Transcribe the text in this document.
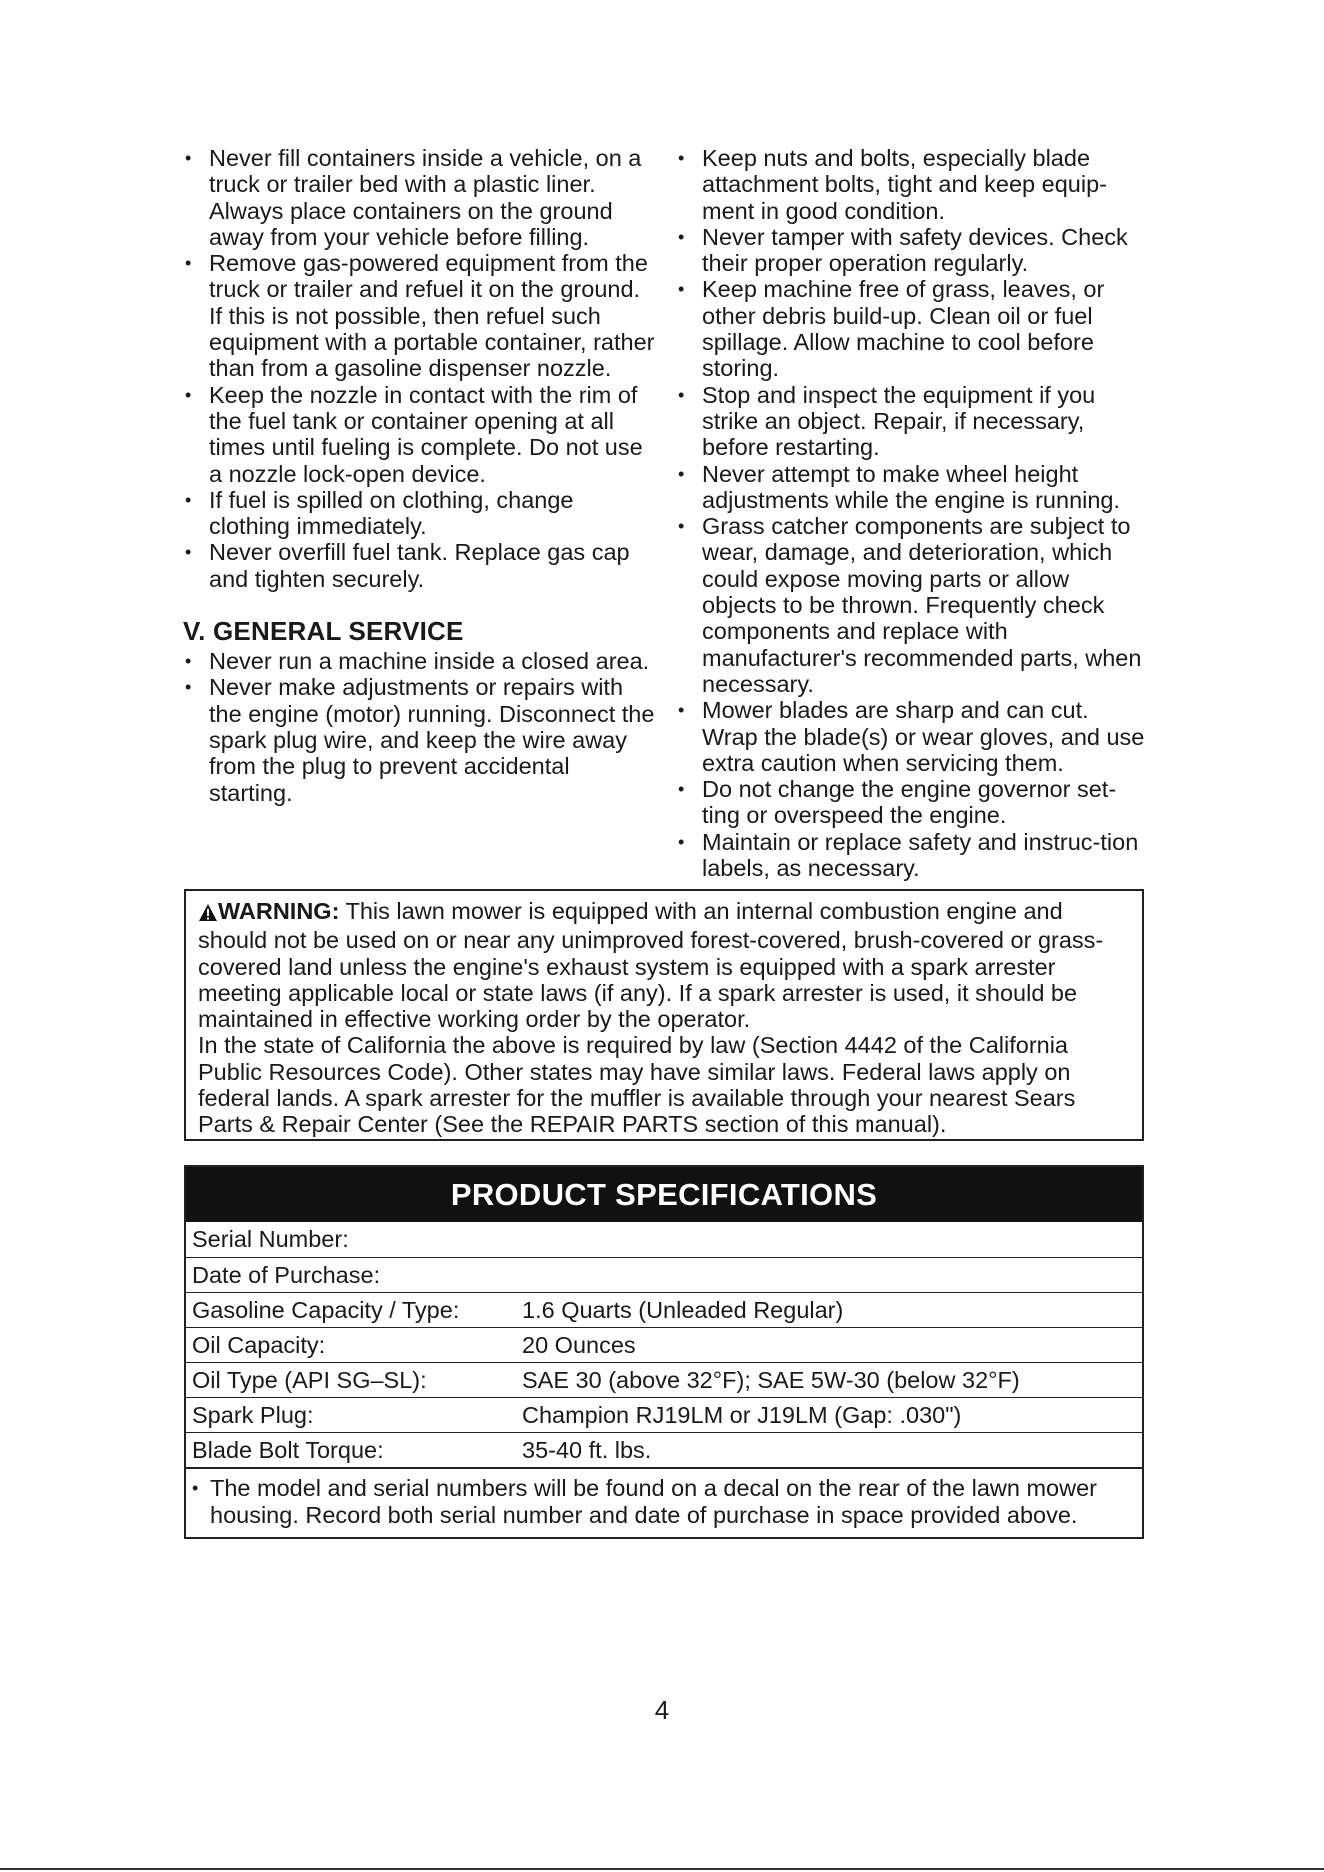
• Never fill containers inside a vehicle, on a truck or trailer bed with a plastic liner. Always place containers on the ground away from your vehicle before filling.
• Remove gas-powered equipment from the truck or trailer and refuel it on the ground. If this is not possible, then refuel such equipment with a portable container, rather than from a gasoline dispenser nozzle.
• Keep the nozzle in contact with the rim of the fuel tank or container opening at all times until fueling is complete. Do not use a nozzle lock-open device.
• If fuel is spilled on clothing, change clothing immediately.
• Never overfill fuel tank. Replace gas cap and tighten securely.
V. GENERAL SERVICE
• Never run a machine inside a closed area.
• Never make adjustments or repairs with the engine (motor) running. Disconnect the spark plug wire, and keep the wire away from the plug to prevent accidental starting.
• Keep nuts and bolts, especially blade attachment bolts, tight and keep equip-ment in good condition.
• Never tamper with safety devices. Check their proper operation regularly.
• Keep machine free of grass, leaves, or other debris build-up. Clean oil or fuel spillage. Allow machine to cool before storing.
• Stop and inspect the equipment if you strike an object. Repair, if necessary, before restarting.
• Never attempt to make wheel height adjustments while the engine is running.
• Grass catcher components are subject to wear, damage, and deterioration, which could expose moving parts or allow objects to be thrown. Frequently check components and replace with manufacturer's recommended parts, when necessary.
• Mower blades are sharp and can cut. Wrap the blade(s) or wear gloves, and use extra caution when servicing them.
• Do not change the engine governor set-ting or overspeed the engine.
• Maintain or replace safety and instruc-tion labels, as necessary.
WARNING: This lawn mower is equipped with an internal combustion engine and should not be used on or near any unimproved forest-covered, brush-covered or grass-covered land unless the engine's exhaust system is equipped with a spark arrester meeting applicable local or state laws (if any). If a spark arrester is used, it should be maintained in effective working order by the operator.
In the state of California the above is required by law (Section 4442 of the California Public Resources Code). Other states may have similar laws. Federal laws apply on federal lands. A spark arrester for the muffler is available through your nearest Sears Parts & Repair Center (See the REPAIR PARTS section of this manual).
PRODUCT SPECIFICATIONS
Serial Number:
Date of Purchase:
Gasoline Capacity / Type:	1.6 Quarts (Unleaded Regular)
Oil Capacity:	20 Ounces
Oil Type (API SG–SL):	SAE 30 (above 32°F); SAE 5W-30 (below 32°F)
Spark Plug:	Champion RJ19LM or J19LM (Gap: .030")
Blade Bolt Torque:	35-40 ft. lbs.
• The model and serial numbers will be found on a decal on the rear of the lawn mower housing. Record both serial number and date of purchase in space provided above.
4
